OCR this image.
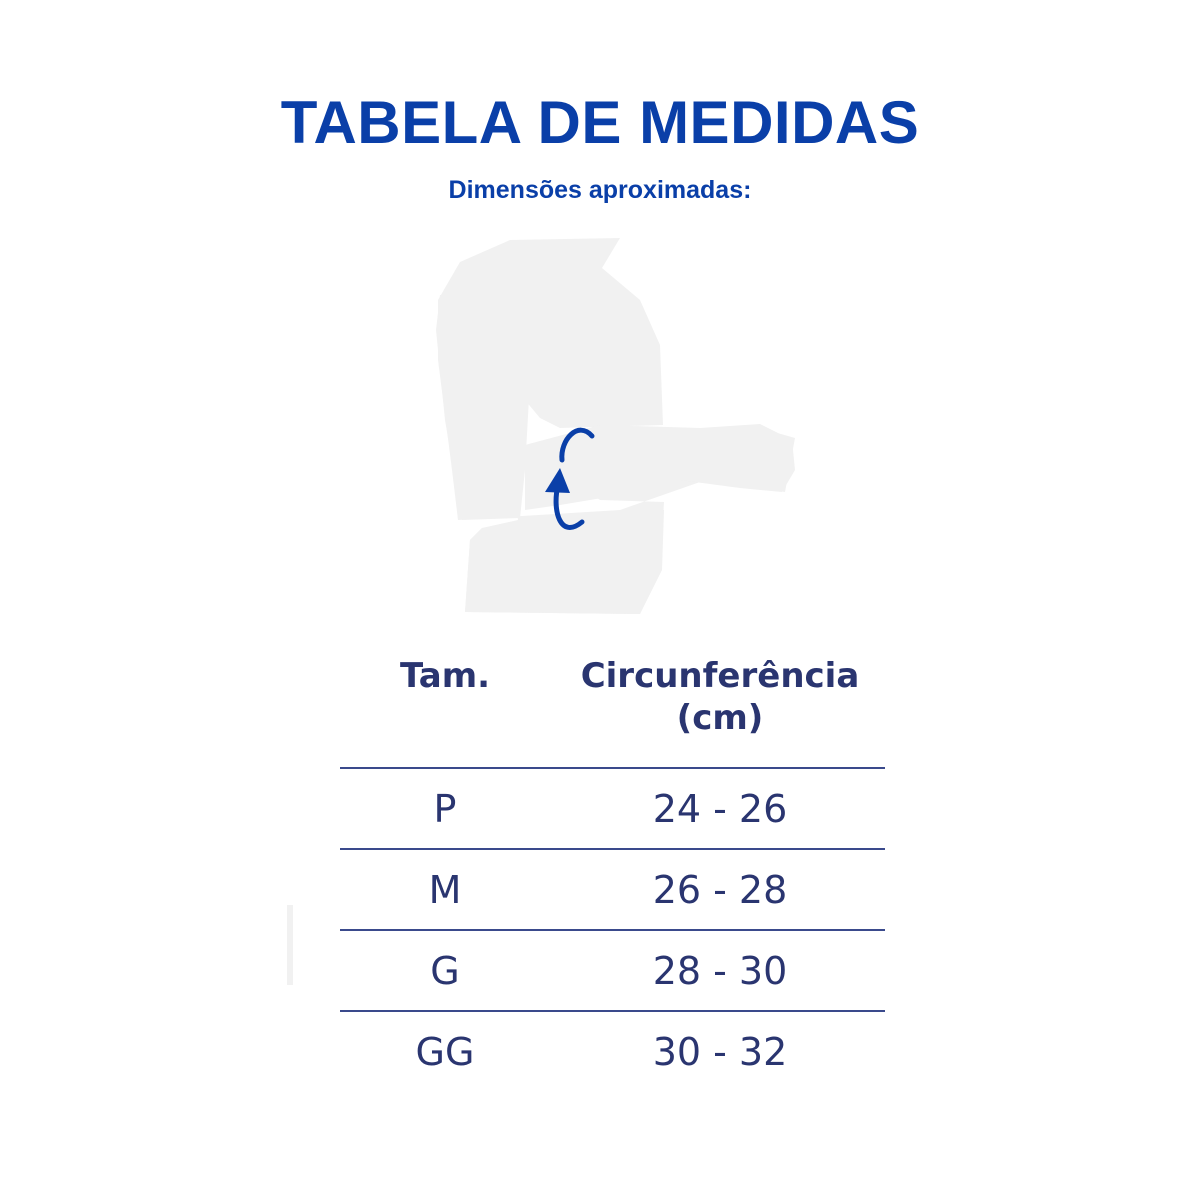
TABELA DE MEDIDAS

Dimensões aproximadas:

Tam.	Circunferência
(cm)
P	24 - 26
M	26 - 28
G	28 - 30
GG	30 - 32
